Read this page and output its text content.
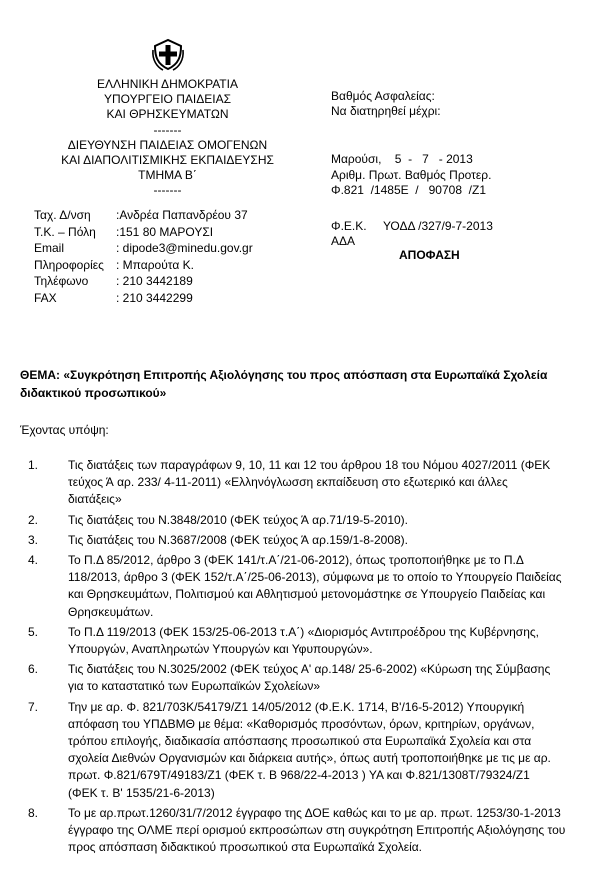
ΕΛΛΗΝΙΚΗ ΔΗΜΟΚΡΑΤΙΑ
ΥΠΟΥΡΓΕΙΟ ΠΑΙΔΕΙΑΣ
ΚΑΙ ΘΡΗΣΚΕΥΜΑΤΩΝ
-------
ΔΙΕΥΘΥΝΣΗ ΠΑΙΔΕΙΑΣ ΟΜΟΓΕΝΩΝ
ΚΑΙ ΔΙΑΠΟΛΙΤΙΣΜΙΚΗΣ ΕΚΠΑΙΔΕΥΣΗΣ
ΤΜΗΜΑ Β΄
-------
Ταχ. Δ/νση :Ανδρέα Παπανδρέου 37
Τ.Κ. – Πόλη :151 80 ΜΑΡΟΥΣΙ
Email	: dipode3@minedu.gov.gr
Πληροφορίες : Μπαρούτα Κ.
Τηλέφωνο : 210 3442189
FAX	: 210 3442299
Βαθμός Ασφαλείας:
Να διατηρηθεί μέχρι:
Μαρούσι,    5  -   7   - 2013
Αριθμ. Πρωτ. Βαθμός Προτερ.
Φ.821  /1485Ε  /   90708  /Ζ1
Φ.Ε.Κ.     ΥΟΔΔ /327/9-7-2013
ΑΔΑ
ΑΠΟΦΑΣΗ
ΘΕΜΑ: «Συγκρότηση Επιτροπής Αξιολόγησης του προς απόσπαση στα Ευρωπαϊκά Σχολεία
διδακτικού προσωπικού»
Έχοντας υπόψη:
1.	Τις διατάξεις των παραγράφων 9, 10, 11 και 12 του άρθρου 18 του Νόμου 4027/2011 (ΦΕΚ
τεύχος Ά αρ. 233/ 4-11-2011) «Ελληνόγλωσση εκπαίδευση στο εξωτερικό και άλλες
διατάξεις»
2.	Τις διατάξεις του Ν.3848/2010 (ΦΕΚ τεύχος Ά αρ.71/19-5-2010).
3.	Τις διατάξεις του Ν.3687/2008 (ΦΕΚ τεύχος Ά αρ.159/1-8-2008).
4.	Το Π.Δ 85/2012, άρθρο 3 (ΦΕΚ 141/τ.Α΄/21-06-2012), όπως τροποποιήθηκε με το Π.Δ
118/2013, άρθρο 3 (ΦΕΚ 152/τ.Α΄/25-06-2013), σύμφωνα με το οποίο το Υπουργείο Παιδείας
και Θρησκευμάτων, Πολιτισμού και Αθλητισμού μετονομάστηκε σε Υπουργείο Παιδείας και
Θρησκευμάτων.
5.	Το Π.Δ 119/2013 (ΦΕΚ 153/25-06-2013 τ.Α΄) «Διορισμός Αντιπροέδρου της Κυβέρνησης,
Υπουργών, Αναπληρωτών Υπουργών και Υφυπουργών».
6.	Τις διατάξεις του Ν.3025/2002 (ΦΕΚ τεύχος Α' αρ.148/ 25-6-2002) «Κύρωση της Σύμβασης
για το καταστατικό των Ευρωπαϊκών Σχολείων»
7.	Την με αρ. Φ. 821/703Κ/54179/Ζ1 14/05/2012 (Φ.Ε.Κ. 1714, Β'/16-5-2012) Υπουργική
απόφαση του ΥΠΔΒΜΘ με θέμα: «Καθορισμός προσόντων, όρων, κριτηρίων, οργάνων,
τρόπου επιλογής, διαδικασία απόσπασης προσωπικού στα Ευρωπαϊκά Σχολεία και στα
σχολεία Διεθνών Οργανισμών και διάρκεια αυτής», όπως αυτή τροποποιήθηκε με τις με αρ.
πρωτ. Φ.821/679Τ/49183/Ζ1 (ΦΕΚ τ. Β 968/22-4-2013 ) ΥΑ και Φ.821/1308Τ/79324/Ζ1
(ΦΕΚ τ. Β' 1535/21-6-2013)
8.	Το με αρ.πρωτ.1260/31/7/2012 έγγραφο της ΔΟΕ καθώς και το με αρ. πρωτ. 1253/30-1-2013
έγγραφο της ΟΛΜΕ περί ορισμού εκπροσώπων στη συγκρότηση Επιτροπής Αξιολόγησης του
προς απόσπαση διδακτικού προσωπικού στα Ευρωπαϊκά Σχολεία.
